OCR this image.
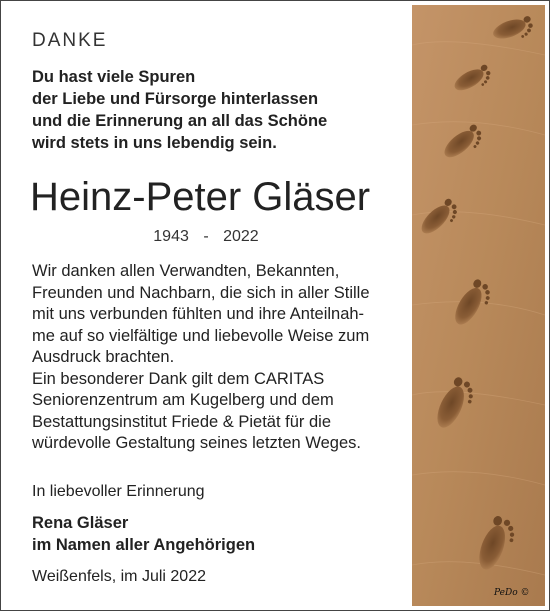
DANKE
Du hast viele Spuren
der Liebe und Fürsorge hinterlassen
und die Erinnerung an all das Schöne
wird stets in uns lebendig sein.
Heinz-Peter Gläser
1943 - 2022
Wir danken allen Verwandten, Bekannten,
Freunden und Nachbarn, die sich in aller Stille
mit uns verbunden fühlten und ihre Anteilnah-
me auf so vielfältige und liebevolle Weise zum
Ausdruck brachten.
Ein besonderer Dank gilt dem CARITAS
Seniorenzentrum am Kugelberg und dem
Bestattungsinstitut Friede & Pietät für die
würdevolle Gestaltung seines letzten Weges.
In liebevoller Erinnerung
Rena Gläser
im Namen aller Angehörigen
Weißenfels, im Juli 2022
PeDo ©
